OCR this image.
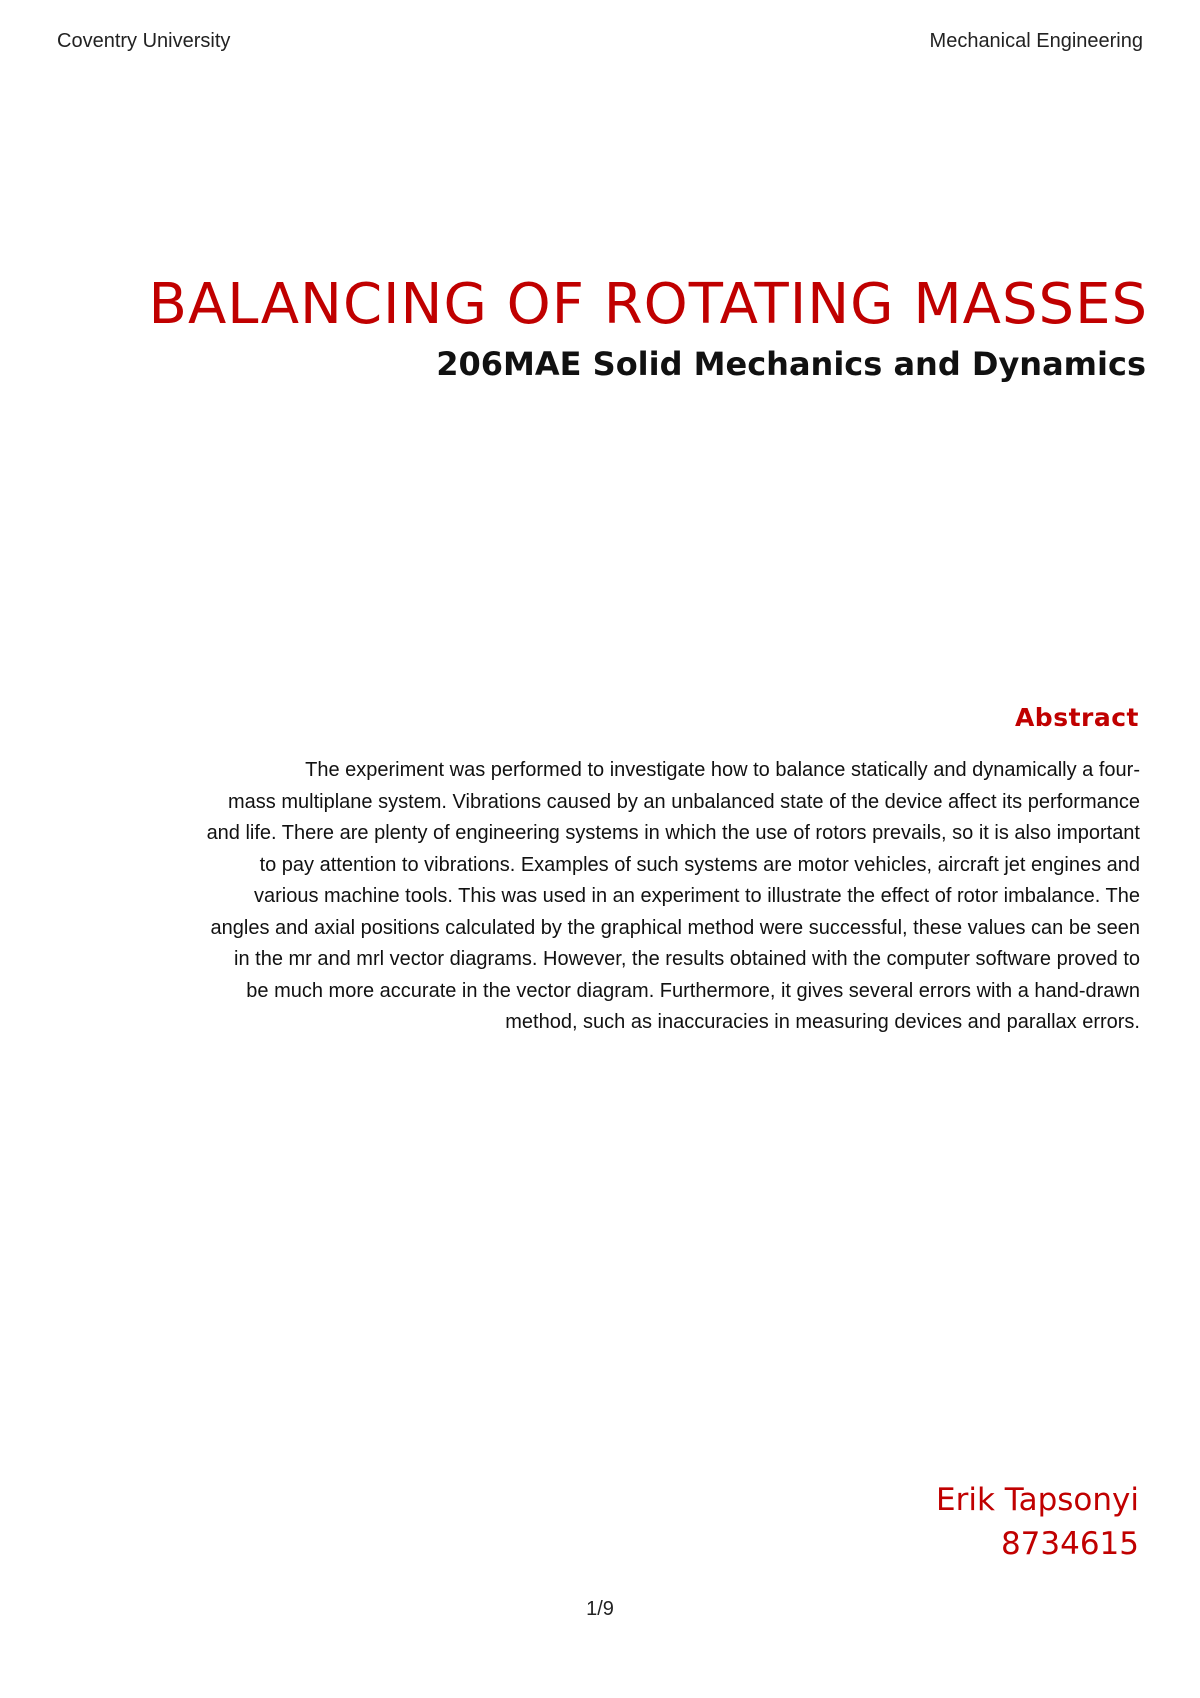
Coventry University	Mechanical Engineering
BALANCING OF ROTATING MASSES
206MAE Solid Mechanics and Dynamics
Abstract
The experiment was performed to investigate how to balance statically and dynamically a four-
mass multiplane system. Vibrations caused by an unbalanced state of the device affect its performance
and life. There are plenty of engineering systems in which the use of rotors prevails, so it is also important
to pay attention to vibrations. Examples of such systems are motor vehicles, aircraft jet engines and
various machine tools. This was used in an experiment to illustrate the effect of rotor imbalance. The
angles and axial positions calculated by the graphical method were successful, these values can be seen
in the mr and mrl vector diagrams. However, the results obtained with the computer software proved to
be much more accurate in the vector diagram. Furthermore, it gives several errors with a hand-drawn
method, such as inaccuracies in measuring devices and parallax errors.
Erik Tapsonyi
8734615
1/9
